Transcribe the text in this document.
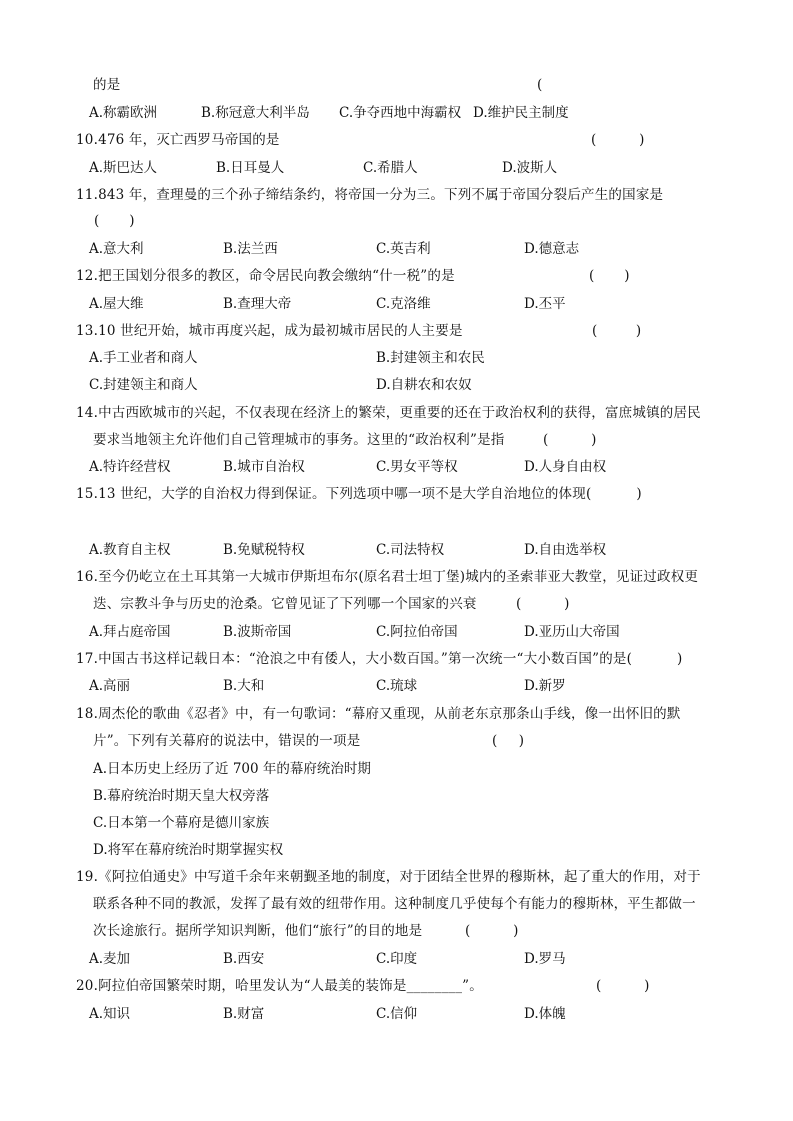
的是	(
A.称霸欧洲	B.称冠意大利半岛 C.争夺西地中海霸权 D.维护民主制度
10.476 年，灭亡西罗马帝国的是	(          )
A.斯巴达人	B.日耳曼人	C.希腊人	D.波斯人
11.843 年，查理曼的三个孙子缔结条约，将帝国一分为三。下列不属于帝国分裂后产生的国家是
(       )
A.意大利	B.法兰西	C.英吉利	D.德意志
12.把王国划分很多的教区，命令居民向教会缴纳“什一税”的是	(       )
A.屋大维	B.查理大帝	C.克洛维	D.丕平
13.10 世纪开始，城市再度兴起，成为最初城市居民的人主要是	(         )
A.手工业者和商人	B.封建领主和农民
C.封建领主和商人	D.自耕农和农奴
14.中古西欧城市的兴起，不仅表现在经济上的繁荣，更重要的还在于政治权利的获得，富庶城镇的居民
要求当地领主允许他们自己管理城市的事务。这里的“政治权利”是指	(          )
A.特许经营权	B.城市自治权	C.男女平等权	D.人身自由权
15.13 世纪，大学的自治权力得到保证。下列选项中哪一项不是大学自治地位的体现(          )
A.教育自主权	B.免赋税特权	C.司法特权	D.自由选举权
16.至今仍屹立在土耳其第一大城市伊斯坦布尔(原名君士坦丁堡)城内的圣索菲亚大教堂，见证过政权更
迭、宗教斗争与历史的沧桑。它曾见证了下列哪一个国家的兴衰	(          )
A.拜占庭帝国	B.波斯帝国	C.阿拉伯帝国	D.亚历山大帝国
17.中国古书这样记载日本：“沧浪之中有倭人，大小数百国。”第一次统一“大小数百国”的是(          )
A.高丽	B.大和	C.琉球	D.新罗
18.周杰伦的歌曲《忍者》中，有一句歌词：“幕府又重现，从前老东京那条山手线，像一出怀旧的默
片”。下列有关幕府的说法中，错误的一项是	(     )
A.日本历史上经历了近 700 年的幕府统治时期
B.幕府统治时期天皇大权旁落
C.日本第一个幕府是德川家族
D.将军在幕府统治时期掌握实权
19.《阿拉伯通史》中写道千余年来朝觐圣地的制度，对于团结全世界的穆斯林，起了重大的作用，对于
联系各种不同的教派，发挥了最有效的纽带作用。这种制度几乎使每个有能力的穆斯林，平生都做一
次长途旅行。据所学知识判断，他们“旅行”的目的地是	(          )
A.麦加	B.西安	C.印度	D.罗马
20.阿拉伯帝国繁荣时期，哈里发认为“人最美的装饰是________”。	(          )
A.知识	B.财富	C.信仰	D.体魄
